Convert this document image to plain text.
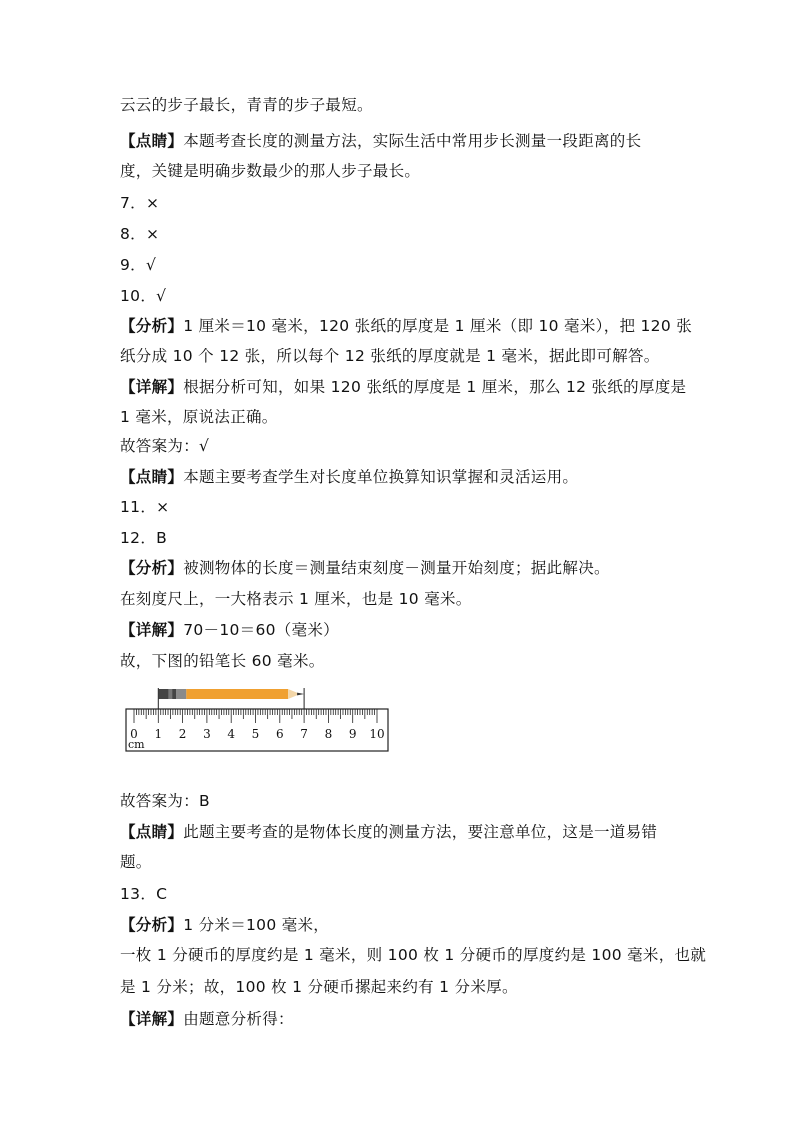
云云的步子最长，青青的步子最短。
【点睛】本题考查长度的测量方法，实际生活中常用步长测量一段距离的长
度，关键是明确步数最少的那人步子最长。
7．×
8．×
9．√
10．√
【分析】1 厘米＝10 毫米，120 张纸的厚度是 1 厘米（即 10 毫米），把 120 张
纸分成 10 个 12 张，所以每个 12 张纸的厚度就是 1 毫米，据此即可解答。
【详解】根据分析可知，如果 120 张纸的厚度是 1 厘米，那么 12 张纸的厚度是
1 毫米，原说法正确。
故答案为：√
【点睛】本题主要考查学生对长度单位换算知识掌握和灵活运用。
11．×
12．B
【分析】被测物体的长度＝测量结束刻度－测量开始刻度；据此解决。
在刻度尺上，一大格表示 1 厘米，也是 10 毫米。
【详解】70－10＝60（毫米）
故，下图的铅笔长 60 毫米。
故答案为：B
【点睛】此题主要考查的是物体长度的测量方法，要注意单位，这是一道易错
题。
13．C
【分析】1 分米＝100 毫米，
一枚 1 分硬币的厚度约是 1 毫米，则 100 枚 1 分硬币的厚度约是 100 毫米，也就
是 1 分米；故，100 枚 1 分硬币摞起来约有 1 分米厚。
【详解】由题意分析得：
0 1 2 3 4 5 6 7 8 9 10
cm
